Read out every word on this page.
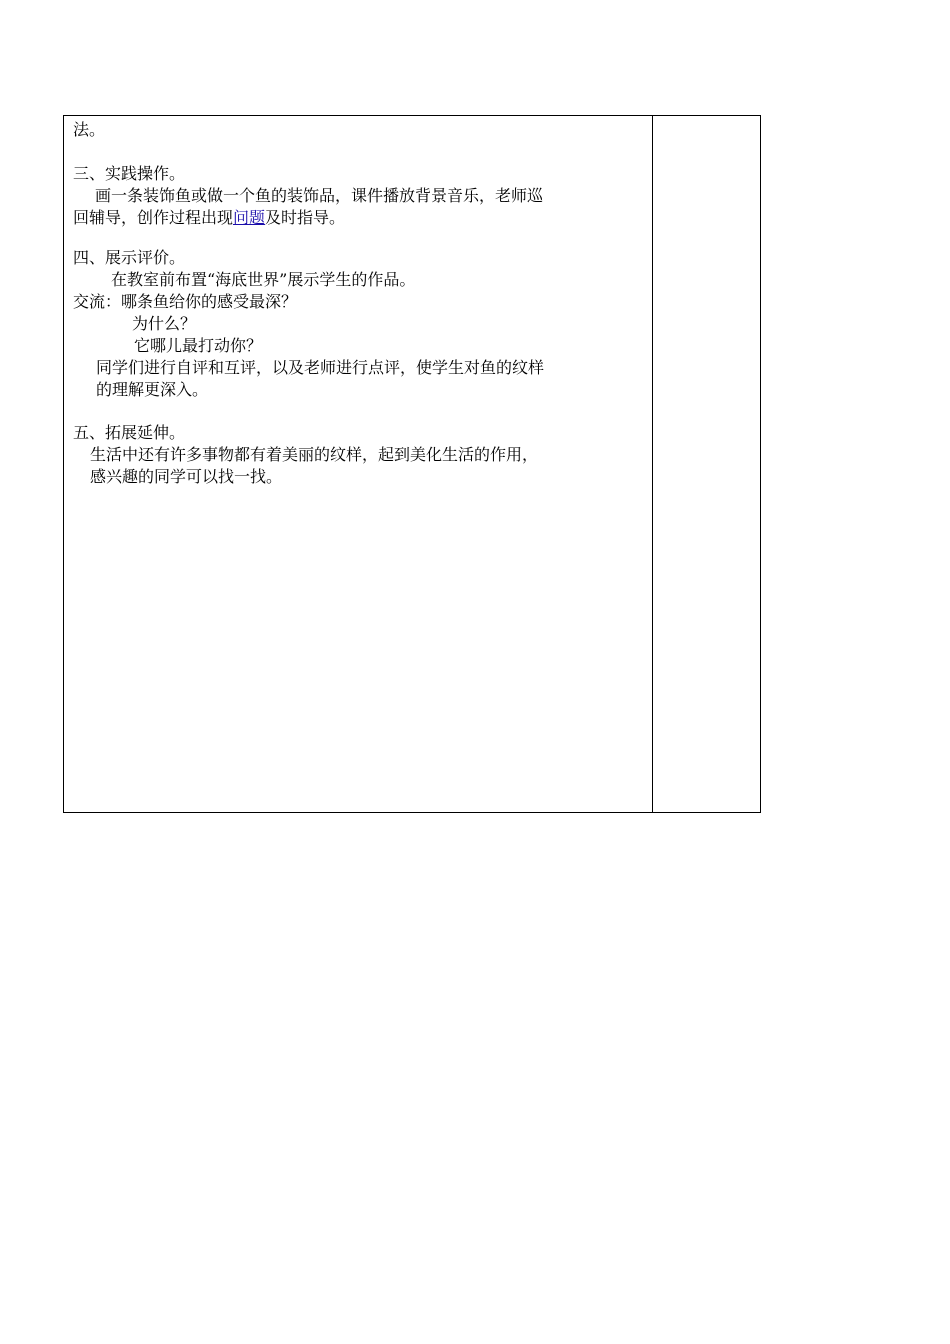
法。
三、实践操作。
画一条装饰鱼或做一个鱼的装饰品，课件播放背景音乐，老师巡
回辅导，创作过程出现问题及时指导。
四、展示评价。
在教室前布置“海底世界”展示学生的作品。
交流：哪条鱼给你的感受最深？
为什么？
它哪儿最打动你？
同学们进行自评和互评，以及老师进行点评，使学生对鱼的纹样
的理解更深入。
五、拓展延伸。
生活中还有许多事物都有着美丽的纹样，起到美化生活的作用，
感兴趣的同学可以找一找。
